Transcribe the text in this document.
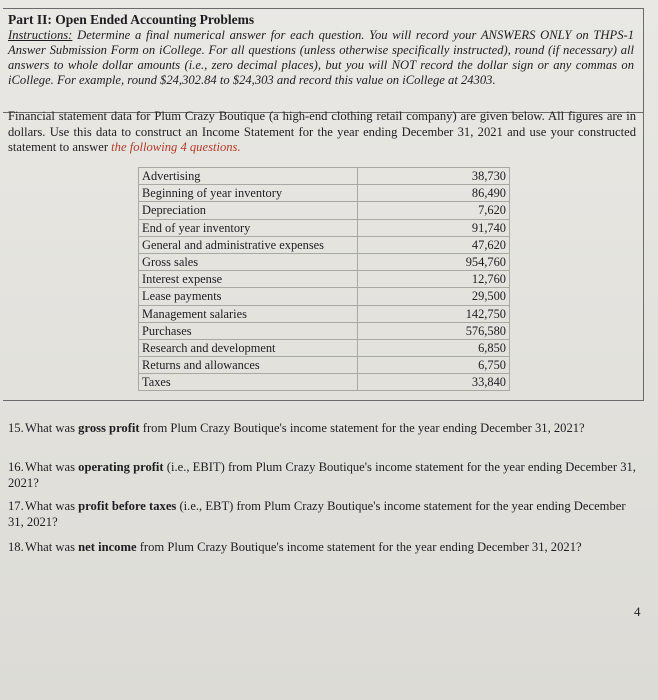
Part II: Open Ended Accounting Problems
Instructions: Determine a final numerical answer for each question. You will record your ANSWERS ONLY on THPS-1 Answer Submission Form on iCollege. For all questions (unless otherwise specifically instructed), round (if necessary) all answers to whole dollar amounts (i.e., zero decimal places), but you will NOT record the dollar sign or any commas on iCollege. For example, round $24,302.84 to $24,303 and record this value on iCollege at 24303.
Financial statement data for Plum Crazy Boutique (a high-end clothing retail company) are given below. All figures are in dollars. Use this data to construct an Income Statement for the year ending December 31, 2021 and use your constructed statement to answer the following 4 questions.
Advertising	38,730
Beginning of year inventory	86,490
Depreciation	7,620
End of year inventory	91,740
General and administrative expenses	47,620
Gross sales	954,760
Interest expense	12,760
Lease payments	29,500
Management salaries	142,750
Purchases	576,580
Research and development	6,850
Returns and allowances	6,750
Taxes	33,840
15.What was gross profit from Plum Crazy Boutique's income statement for the year ending December 31, 2021?
16.What was operating profit (i.e., EBIT) from Plum Crazy Boutique's income statement for the year ending December 31, 2021?
17.What was profit before taxes (i.e., EBT) from Plum Crazy Boutique's income statement for the year ending December 31, 2021?
18.What was net income from Plum Crazy Boutique's income statement for the year ending December 31, 2021?
4
